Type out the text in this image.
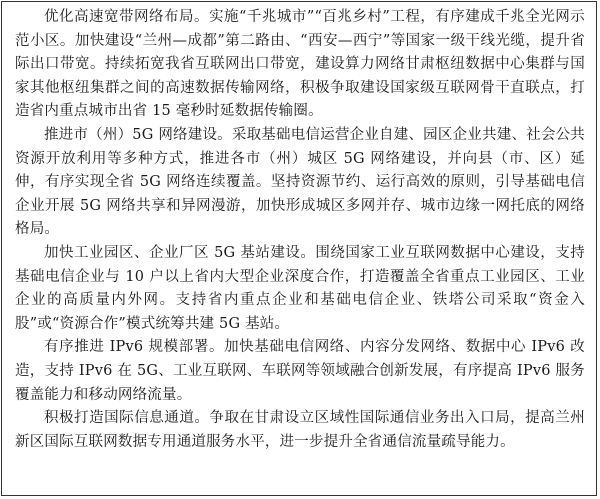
优化高速宽带网络布局。实施“千兆城市”“百兆乡村”工程，有序建成千兆全光网示范小区。加快建设“兰州—成都”第二路由、“西安—西宁”等国家一级干线光缆，提升省际出口带宽。持续拓宽我省互联网出口带宽，建设算力网络甘肃枢纽数据中心集群与国家其他枢纽集群之间的高速数据传输网络，积极争取建设国家级互联网骨干直联点，打造省内重点城市出省 15 毫秒时延数据传输圈。

推进市（州）5G 网络建设。采取基础电信运营企业自建、园区企业共建、社会公共资源开放利用等多种方式，推进各市（州）城区 5G 网络建设，并向县（市、区）延伸，有序实现全省 5G 网络连续覆盖。坚持资源节约、运行高效的原则，引导基础电信企业开展 5G 网络共享和异网漫游，加快形成城区多网并存、城市边缘一网托底的网络格局。

加快工业园区、企业厂区 5G 基站建设。围绕国家工业互联网数据中心建设，支持基础电信企业与 10 户以上省内大型企业深度合作，打造覆盖全省重点工业园区、工业企业的高质量内外网。支持省内重点企业和基础电信企业、铁塔公司采取“资金入股”或“资源合作”模式统筹共建 5G 基站。

有序推进 IPv6 规模部署。加快基础电信网络、内容分发网络、数据中心 IPv6 改造，支持 IPv6 在 5G、工业互联网、车联网等领域融合创新发展，有序提高 IPv6 服务覆盖能力和移动网络流量。

积极打造国际信息通道。争取在甘肃设立区域性国际通信业务出入口局，提高兰州新区国际互联网数据专用通道服务水平，进一步提升全省通信流量疏导能力。
